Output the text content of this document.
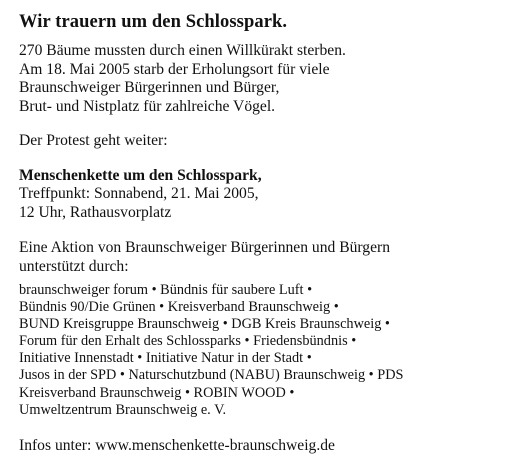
Wir trauern um den Schlosspark.
270 Bäume mussten durch einen Willkürakt sterben.
Am 18. Mai 2005 starb der Erholungsort für viele
Braunschweiger Bürgerinnen und Bürger,
Brut- und Nistplatz für zahlreiche Vögel.
Der Protest geht weiter:
Menschenkette um den Schlosspark,
Treffpunkt: Sonnabend, 21. Mai 2005,
12 Uhr, Rathausvorplatz
Eine Aktion von Braunschweiger Bürgerinnen und Bürgern
unterstützt durch:
braunschweiger forum • Bündnis für saubere Luft •
Bündnis 90/Die Grünen • Kreisverband Braunschweig •
BUND Kreisgruppe Braunschweig • DGB Kreis Braunschweig •
Forum für den Erhalt des Schlossparks • Friedensbündnis •
Initiative Innenstadt • Initiative Natur in der Stadt •
Jusos in der SPD • Naturschutzbund (NABU) Braunschweig • PDS
Kreisverband Braunschweig • ROBIN WOOD •
Umweltzentrum Braunschweig e. V.
Infos unter: www.menschenkette-braunschweig.de
